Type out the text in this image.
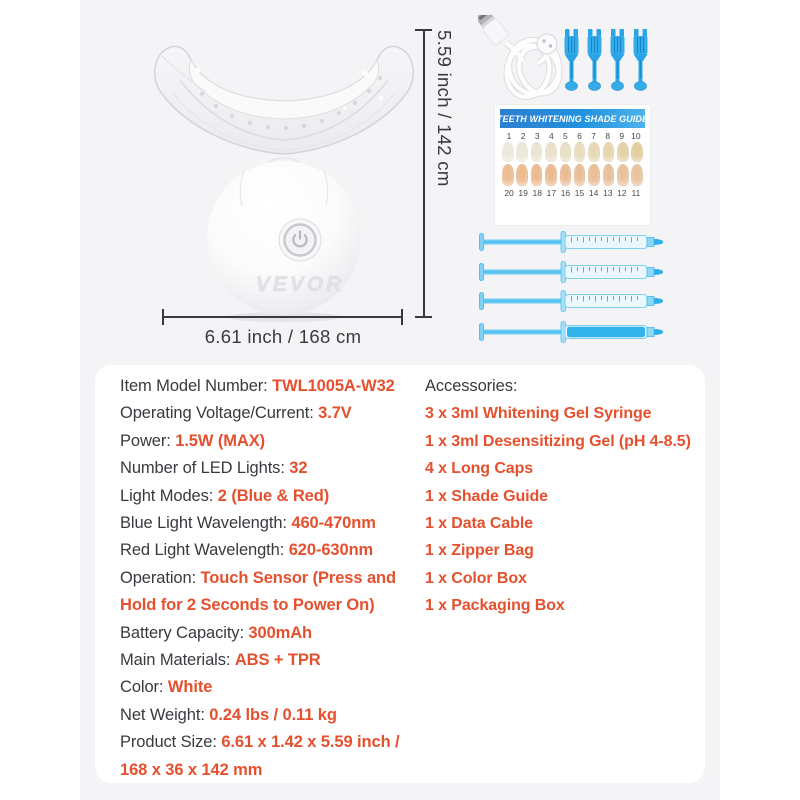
VEVOR
5.59 inch / 142 cm
6.61 inch / 168 cm
TEETH WHITENING SHADE GUIDE
1	2	3	4	5	6	7	8	9 10
20 19 18 17 16 15 14 13 12 11
Item Model Number: TWL1005A-W32
Operating Voltage/Current: 3.7V
Power: 1.5W (MAX)
Number of LED Lights: 32
Light Modes: 2 (Blue & Red)
Blue Light Wavelength: 460-470nm
Red Light Wavelength: 620-630nm
Operation: Touch Sensor (Press and Hold for 2 Seconds to Power On)
Battery Capacity: 300mAh
Main Materials: ABS + TPR
Color: White
Net Weight: 0.24 lbs / 0.11 kg
Product Size: 6.61 x 1.42 x 5.59 inch / 168 x 36 x 142 mm
Accessories:
3 x 3ml Whitening Gel Syringe
1 x 3ml Desensitizing Gel (pH 4-8.5)
4 x Long Caps
1 x Shade Guide
1 x Data Cable
1 x Zipper Bag
1 x Color Box
1 x Packaging Box
